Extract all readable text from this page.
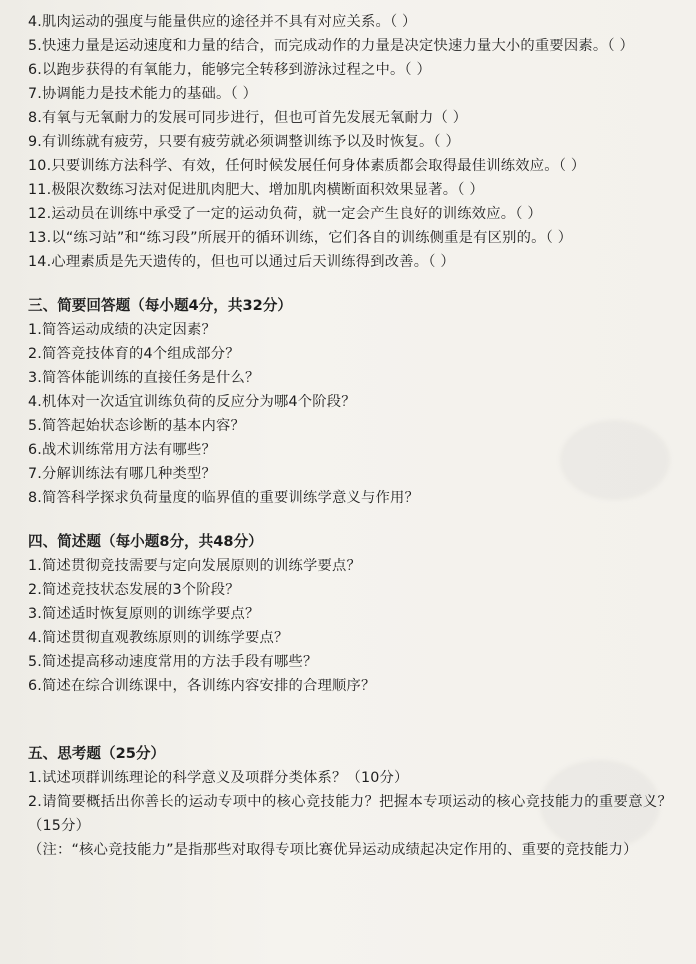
4.肌肉运动的强度与能量供应的途径并不具有对应关系。（ ）
5.快速力量是运动速度和力量的结合，而完成动作的力量是决定快速力量大小的重要因素。（ ）
6.以跑步获得的有氧能力，能够完全转移到游泳过程之中。（ ）
7.协调能力是技术能力的基础。（ ）
8.有氧与无氧耐力的发展可同步进行，但也可首先发展无氧耐力（ ）
9.有训练就有疲劳，只要有疲劳就必须调整训练予以及时恢复。（ ）
10.只要训练方法科学、有效，任何时候发展任何身体素质都会取得最佳训练效应。（ ）
11.极限次数练习法对促进肌肉肥大、增加肌肉横断面积效果显著。（ ）
12.运动员在训练中承受了一定的运动负荷，就一定会产生良好的训练效应。（ ）
13.以“练习站”和“练习段”所展开的循环训练，它们各自的训练侧重是有区别的。（ ）
14.心理素质是先天遗传的，但也可以通过后天训练得到改善。（ ）
三、简要回答题（每小题4分，共32分）
1.简答运动成绩的决定因素？
2.简答竞技体育的4个组成部分？
3.简答体能训练的直接任务是什么？
4.机体对一次适宜训练负荷的反应分为哪4个阶段？
5.简答起始状态诊断的基本内容？
6.战术训练常用方法有哪些？
7.分解训练法有哪几种类型？
8.简答科学探求负荷量度的临界值的重要训练学意义与作用？
四、简述题（每小题8分，共48分）
1.简述贯彻竞技需要与定向发展原则的训练学要点？
2.简述竞技状态发展的3个阶段？
3.简述适时恢复原则的训练学要点？
4.简述贯彻直观教练原则的训练学要点？
5.简述提高移动速度常用的方法手段有哪些？
6.简述在综合训练课中，各训练内容安排的合理顺序？
五、思考题（25分）
1.试述项群训练理论的科学意义及项群分类体系？（10分）
2.请简要概括出你善长的运动专项中的核心竞技能力？把握本专项运动的核心竞技能力的重要意义？（15分）
（注：“核心竞技能力”是指那些对取得专项比赛优异运动成绩起决定作用的、重要的竞技能力）
